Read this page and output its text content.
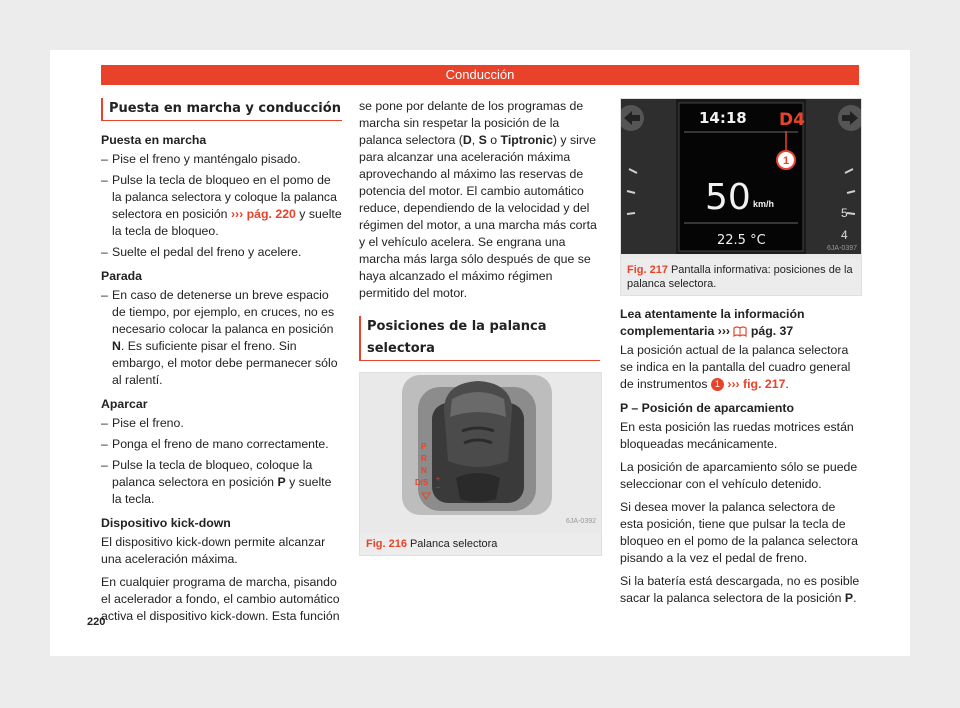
Conducción
Puesta en marcha y conducción
Puesta en marcha
– Pise el freno y manténgalo pisado.
– Pulse la tecla de bloqueo en el pomo de la palanca selectora y coloque la palanca selectora en posición ››› pág. 220 y suelte la tecla de bloqueo.
– Suelte el pedal del freno y acelere.
Parada
– En caso de detenerse un breve espacio de tiempo, por ejemplo, en cruces, no es necesario colocar la palanca en posición N. Es suficiente pisar el freno. Sin embargo, el motor debe permanecer sólo al ralentí.
Aparcar
– Pise el freno.
– Ponga el freno de mano correctamente.
– Pulse la tecla de bloqueo, coloque la palanca selectora en posición P y suelte la tecla.
Dispositivo kick-down

El dispositivo kick-down permite alcanzar una aceleración máxima.

En cualquier programa de marcha, pisando el acelerador a fondo, el cambio automático activa el dispositivo kick-down. Esta función

se pone por delante de los programas de marcha sin respetar la posición de la palanca selectora (D, S o Tiptronic) y sirve para alcanzar una aceleración máxima aprovechando al máximo las reservas de potencia del motor. El cambio automático reduce, dependiendo de la velocidad y del régimen del motor, a una marcha más corta y el vehículo acelera. Se engrana una marcha más larga sólo después de que se haya alcanzado el máximo régimen permitido del motor.

Posiciones de la palanca selectora
P
R
N
D/S +
−
6JA-0392
Fig. 216 Palanca selectora
5
4
14:18 D4
1
50 km/h
22.5 °C
6JA-0397
Fig. 217 Pantalla informativa: posiciones de la palanca selectora.
Lea atentamente la información complementaria ›››  pág. 37

La posición actual de la palanca selectora se indica en la pantalla del cuadro general de instrumentos 1 ››› fig. 217.

P – Posición de aparcamiento

En esta posición las ruedas motrices están bloqueadas mecánicamente.

La posición de aparcamiento sólo se puede seleccionar con el vehículo detenido.

Si desea mover la palanca selectora de esta posición, tiene que pulsar la tecla de bloqueo en el pomo de la palanca selectora pisando a la vez el pedal de freno.

Si la batería está descargada, no es posible sacar la palanca selectora de la posición P.

220
